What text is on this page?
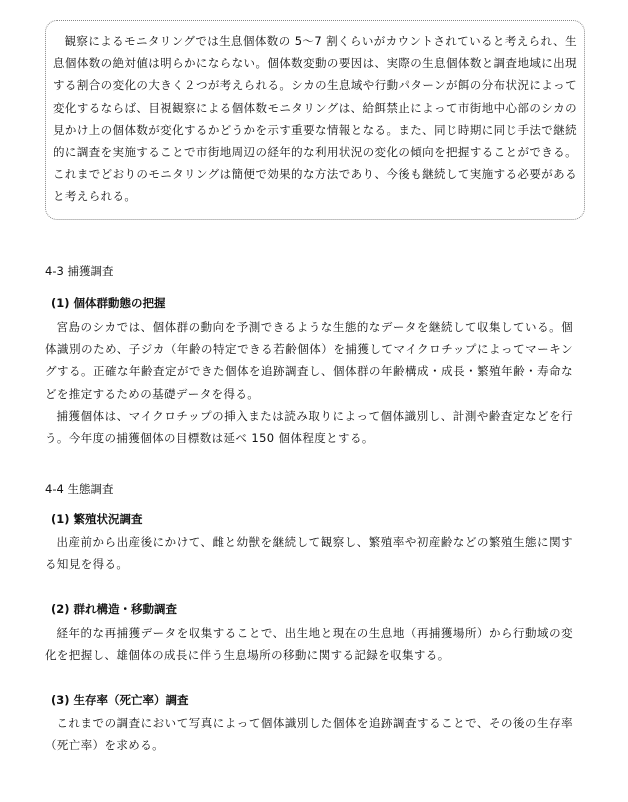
観察によるモニタリングでは生息個体数の 5～7 割くらいがカウントされていると考えられ、生息個体数の絶対値は明らかにならない。個体数変動の要因は、実際の生息個体数と調査地域に出現する割合の変化の大きく２つが考えられる。シカの生息域や行動パターンが餌の分布状況によって変化するならば、目視観察による個体数モニタリングは、給餌禁止によって市街地中心部のシカの見かけ上の個体数が変化するかどうかを示す重要な情報となる。また、同じ時期に同じ手法で継続的に調査を実施することで市街地周辺の経年的な利用状況の変化の傾向を把握することができる。これまでどおりのモニタリングは簡便で効果的な方法であり、今後も継続して実施する必要があると考えられる。

4-3 捕獲調査
(1) 個体群動態の把握

宮島のシカでは、個体群の動向を予測できるような生態的なデータを継続して収集している。個体識別のため、子ジカ（年齢の特定できる若齢個体）を捕獲してマイクロチップによってマーキングする。正確な年齢査定ができた個体を追跡調査し、個体群の年齢構成・成長・繁殖年齢・寿命などを推定するための基礎データを得る。

捕獲個体は、マイクロチップの挿入または読み取りによって個体識別し、計測や齢査定などを行う。今年度の捕獲個体の目標数は延べ 150 個体程度とする。

4-4 生態調査
(1) 繁殖状況調査

出産前から出産後にかけて、雌と幼獣を継続して観察し、繁殖率や初産齢などの繁殖生態に関する知見を得る。

(2) 群れ構造・移動調査

経年的な再捕獲データを収集することで、出生地と現在の生息地（再捕獲場所）から行動域の変化を把握し、雄個体の成長に伴う生息場所の移動に関する記録を収集する。

(3) 生存率（死亡率）調査

これまでの調査において写真によって個体識別した個体を追跡調査することで、その後の生存率（死亡率）を求める。
